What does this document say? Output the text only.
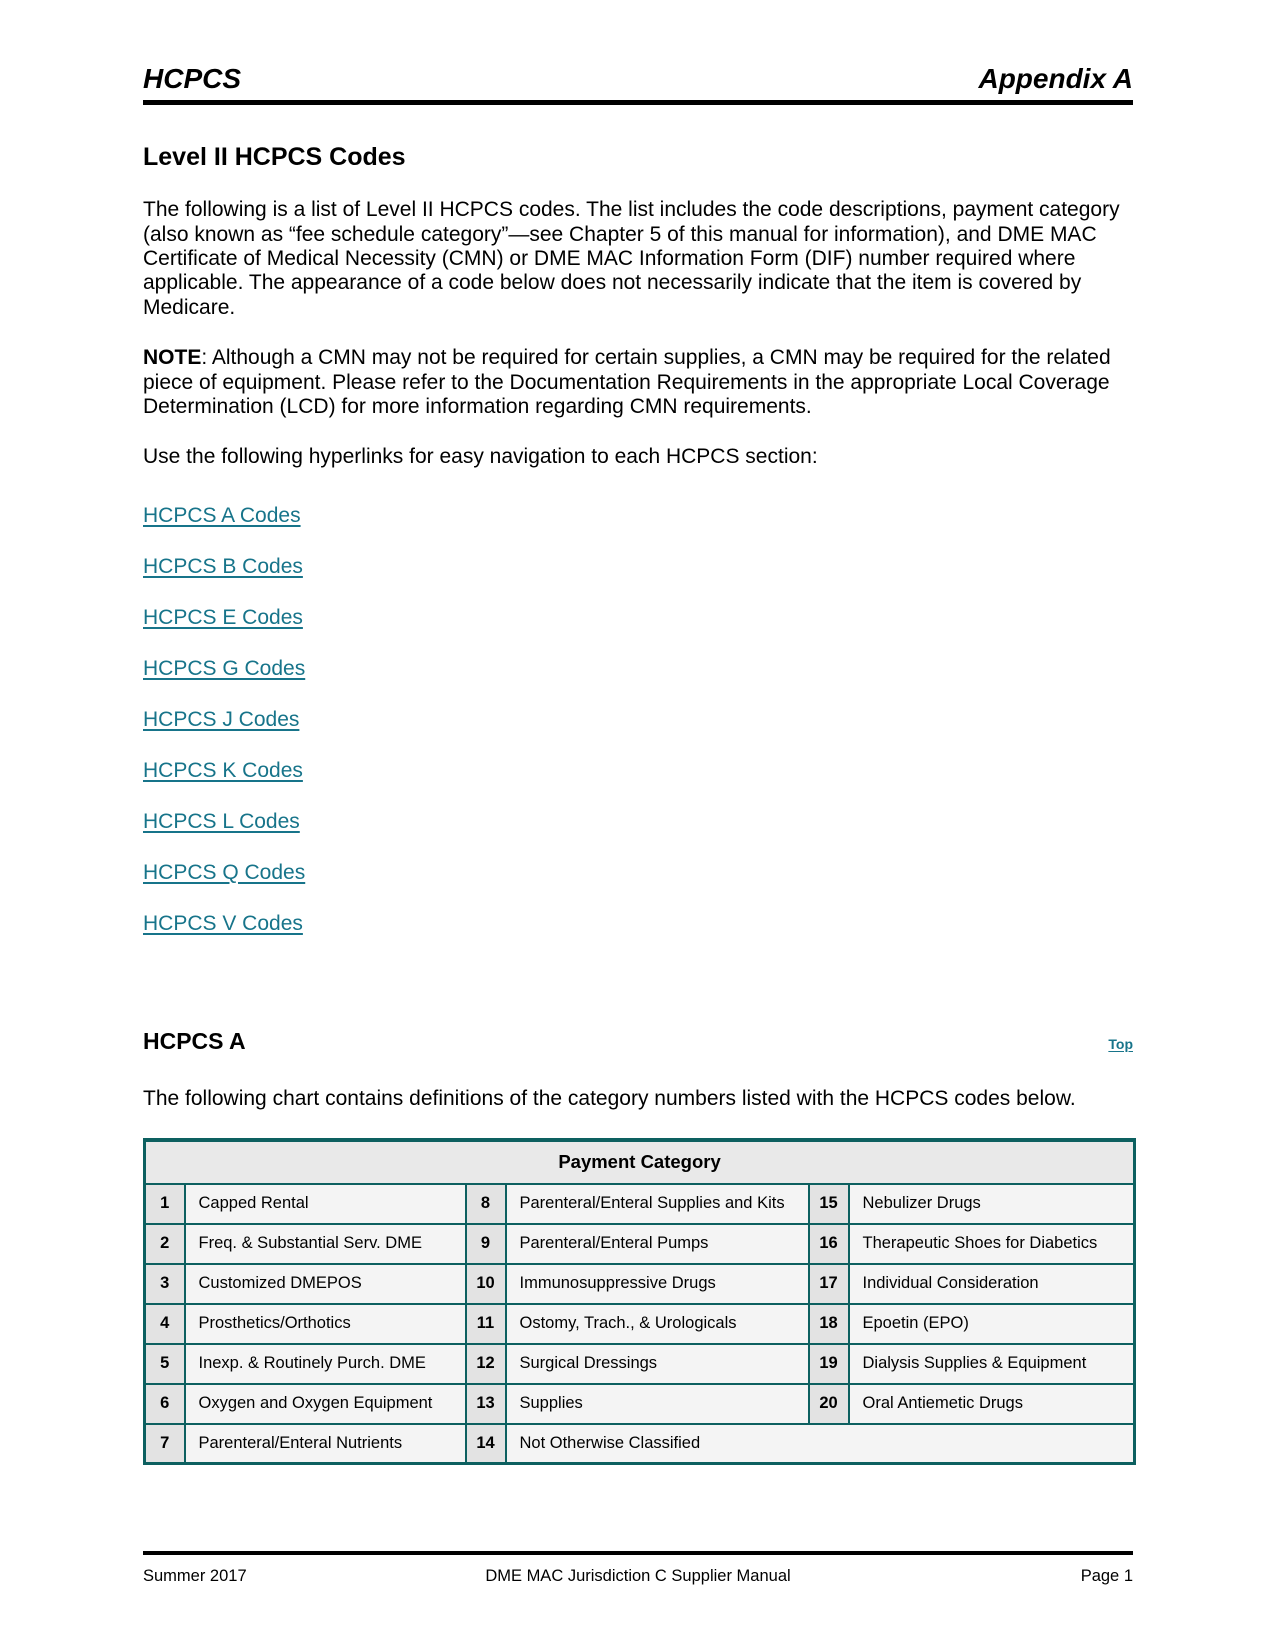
HCPCS	Appendix A
Level II HCPCS Codes

The following is a list of Level II HCPCS codes. The list includes the code descriptions, payment category (also known as “fee schedule category”—see Chapter 5 of this manual for information), and DME MAC Certificate of Medical Necessity (CMN) or DME MAC Information Form (DIF) number required where applicable. The appearance of a code below does not necessarily indicate that the item is covered by Medicare.

NOTE: Although a CMN may not be required for certain supplies, a CMN may be required for the related piece of equipment. Please refer to the Documentation Requirements in the appropriate Local Coverage Determination (LCD) for more information regarding CMN requirements.

Use the following hyperlinks for easy navigation to each HCPCS section:

HCPCS A Codes
HCPCS B Codes
HCPCS E Codes
HCPCS G Codes
HCPCS J Codes
HCPCS K Codes
HCPCS L Codes
HCPCS Q Codes
HCPCS V Codes
HCPCS A	Top

The following chart contains definitions of the category numbers listed with the HCPCS codes below.

Payment Category					
1	Capped Rental	8	Parenteral/Enteral Supplies and Kits	15	Nebulizer Drugs
2	Freq. & Substantial Serv. DME	9	Parenteral/Enteral Pumps	16	Therapeutic Shoes for Diabetics
3	Customized DMEPOS	10	Immunosuppressive Drugs	17	Individual Consideration
4	Prosthetics/Orthotics	11	Ostomy, Trach., & Urologicals	18	Epoetin (EPO)
5	Inexp. & Routinely Purch. DME	12	Surgical Dressings	19	Dialysis Supplies & Equipment
6	Oxygen and Oxygen Equipment	13	Supplies	20	Oral Antiemetic Drugs
7	Parenteral/Enteral Nutrients	14	Not Otherwise Classified		
Summer 2017	DME MAC Jurisdiction C Supplier Manual	Page 1
